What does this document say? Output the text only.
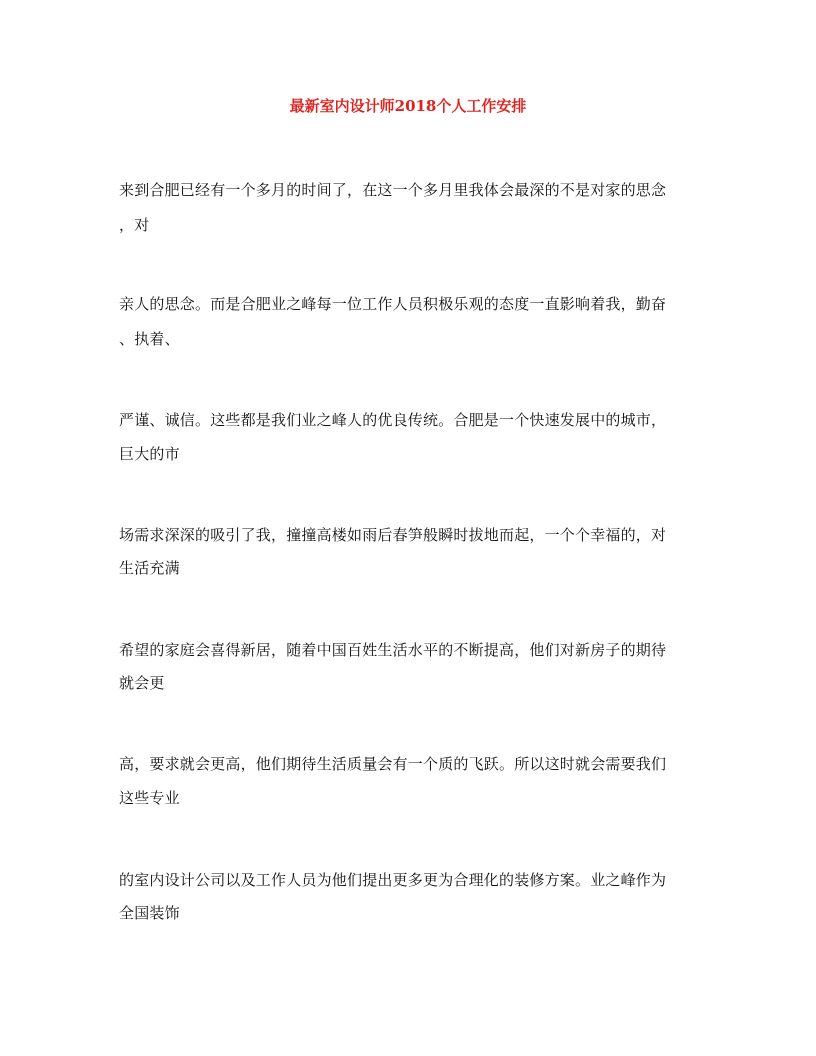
最新室内设计师2018个人工作安排
来到合肥已经有一个多月的时间了，在这一个多月里我体会最深的不是对家的思念
，对
亲人的思念。而是合肥业之峰每一位工作人员积极乐观的态度一直影响着我，勤奋
、执着、
严谨、诚信。这些都是我们业之峰人的优良传统。合肥是一个快速发展中的城市，
巨大的市
场需求深深的吸引了我，撞撞高楼如雨后春笋般瞬时拔地而起，一个个幸福的，对
生活充满
希望的家庭会喜得新居，随着中国百姓生活水平的不断提高，他们对新房子的期待
就会更
高，要求就会更高，他们期待生活质量会有一个质的飞跃。所以这时就会需要我们
这些专业
的室内设计公司以及工作人员为他们提出更多更为合理化的装修方案。业之峰作为
全国装饰
